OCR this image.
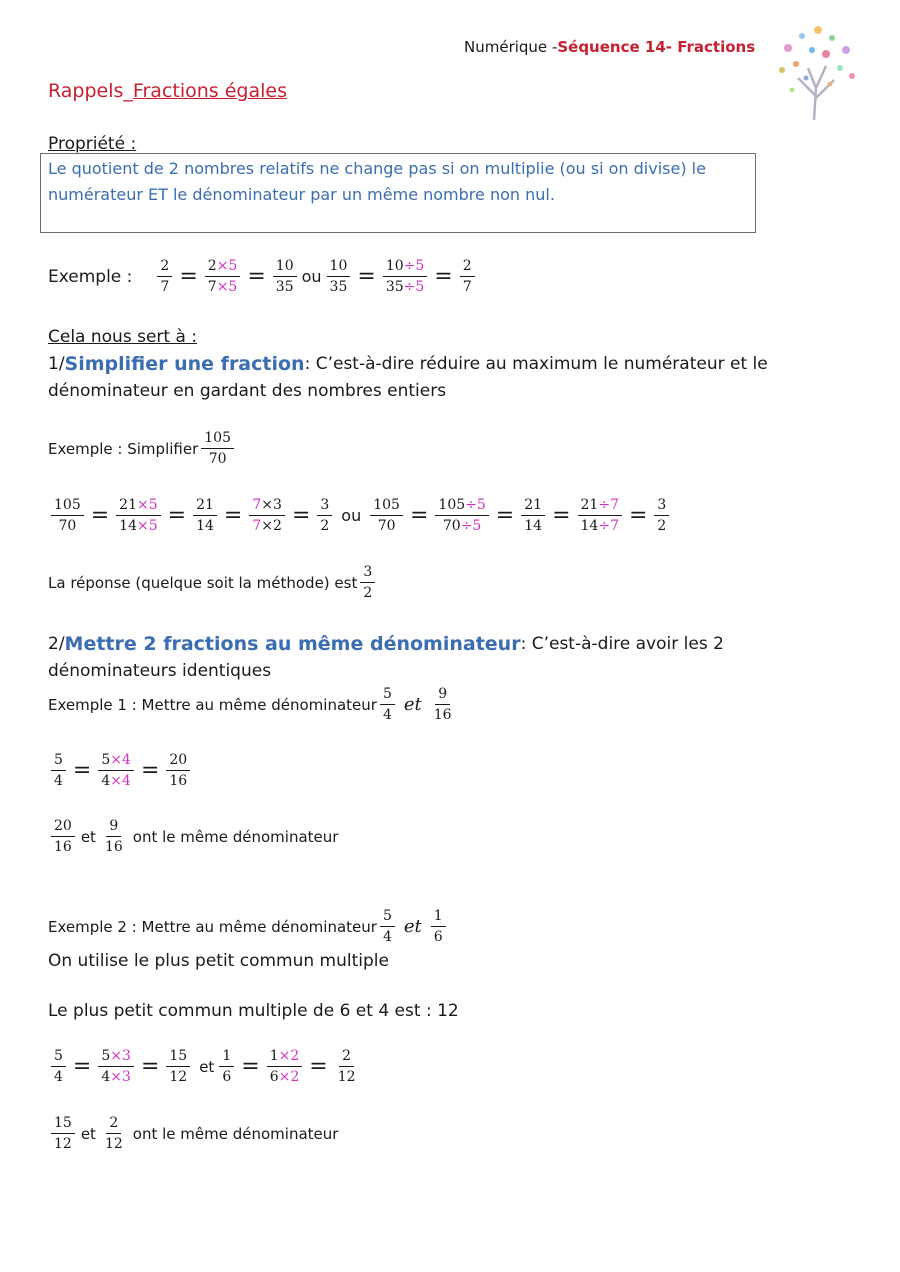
Numérique - Séquence 14- Fractions
Rappels_ Fractions égales
Propriété :
Le quotient de 2 nombres relatifs ne change pas si on multiplie (ou si on divise) le
numérateur ET le dénominateur par un même nombre non nul.
Exemple : $\frac{2}{7} = \frac{2\times 5}{7\times 5} = \frac{10}{35}$ ou $\frac{10}{35} = \frac{10\div 5}{35\div 5} = \frac{2}{7}$
Cela nous sert à :
1/ Simplifier une fraction : C’est-à-dire réduire au maximum le numérateur et le
dénominateur en gardant des nombres entiers
Exemple : Simplifier $\frac{105}{70}$
$\frac{105}{70} = \frac{21\times 5}{14\times 5} = \frac{21}{14} = \frac{7\times 3}{7\times 2} = \frac{3}{2}$ ou $\frac{105}{70} = \frac{105\div 5}{70\div 5} = \frac{21}{14} = \frac{21\div 7}{14\div 7} = \frac{3}{2}$
La réponse (quelque soit la méthode) est $\frac{3}{2}$
2/ Mettre 2 fractions au même dénominateur : C’est-à-dire avoir les 2
dénominateurs identiques
Exemple 1 : Mettre au même dénominateur $\frac{5}{4}$ et $\frac{9}{16}$
$\frac{5}{4} = \frac{5\times 4}{4\times 4} = \frac{20}{16}$
$\frac{20}{16}$ et $\frac{9}{16}$ ont le même dénominateur
Exemple 2 : Mettre au même dénominateur $\frac{5}{4}$ et $\frac{1}{6}$
On utilise le plus petit commun multiple
Le plus petit commun multiple de 6 et 4 est : 12
$\frac{5}{4} = \frac{5\times 3}{4\times 3} = \frac{15}{12}$ et $\frac{1}{6} = \frac{1\times 2}{6\times 2} = \frac{2}{12}$
$\frac{15}{12}$ et $\frac{2}{12}$ ont le même dénominateur
